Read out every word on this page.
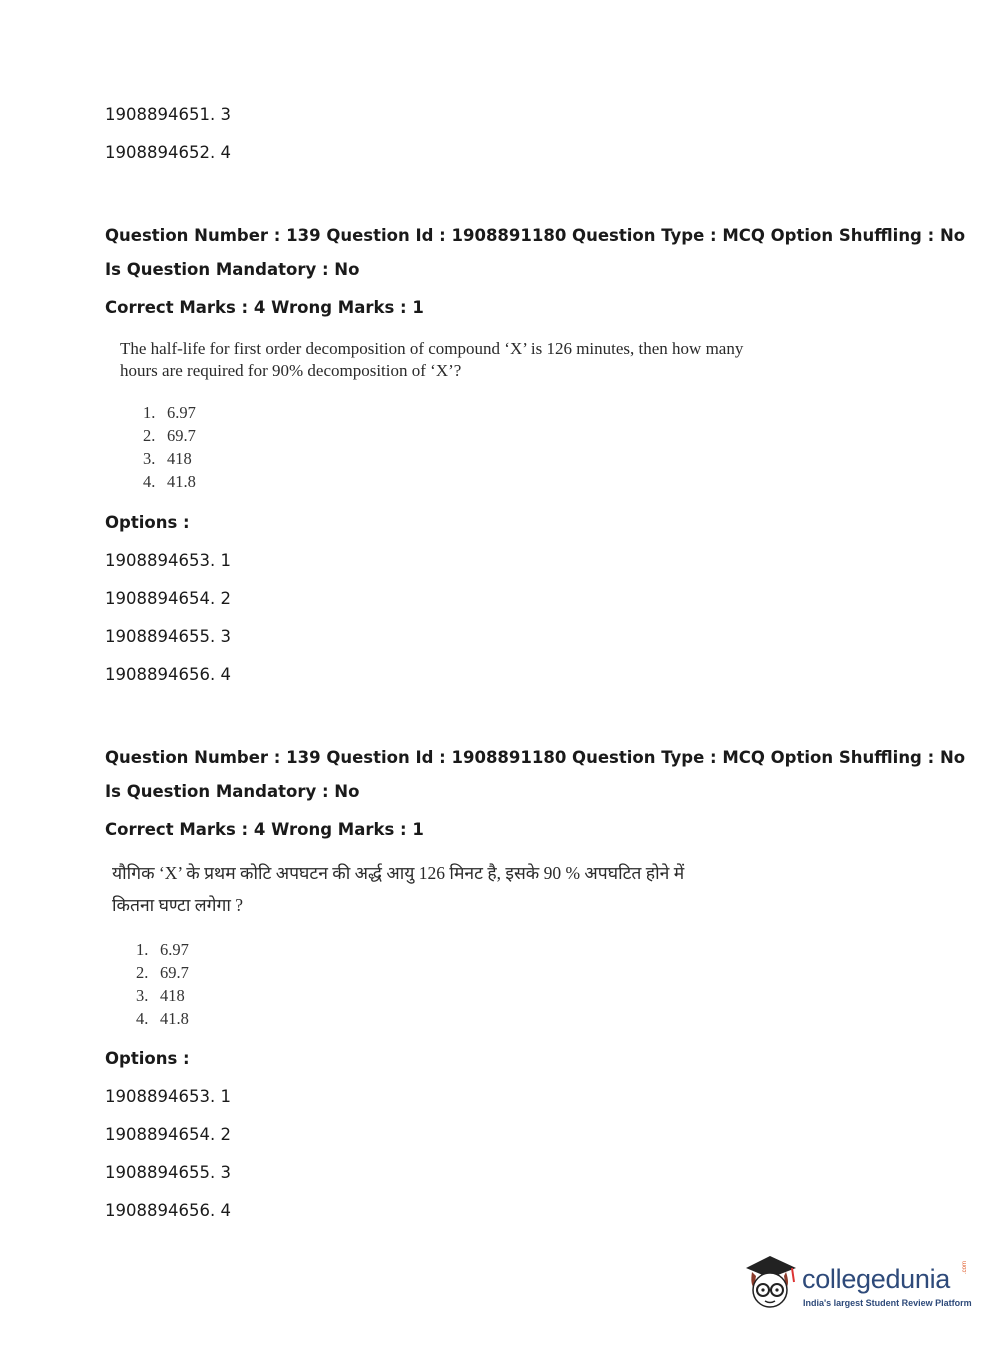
1908894651. 3
1908894652. 4
Question Number : 139 Question Id : 1908891180 Question Type : MCQ Option Shuffling : No
Is Question Mandatory : No
Correct Marks : 4 Wrong Marks : 1
The half-life for first order decomposition of compound ‘X’ is 126 minutes, then how many
hours are required for 90% decomposition of ‘X’?
1. 6.97
2. 69.7
3. 418
4. 41.8
Options :
1908894653. 1
1908894654. 2
1908894655. 3
1908894656. 4
Question Number : 139 Question Id : 1908891180 Question Type : MCQ Option Shuffling : No
Is Question Mandatory : No
Correct Marks : 4 Wrong Marks : 1
यौगिक ‘X’ के प्रथम कोटि अपघटन की अर्द्ध आयु 126 मिनट है, इसके 90 % अपघटित होने में
कितना घण्टा लगेगा ?
1. 6.97
2. 69.7
3. 418
4. 41.8
Options :
1908894653. 1
1908894654. 2
1908894655. 3
1908894656. 4
collegedunia .com
India's largest Student Review Platform
